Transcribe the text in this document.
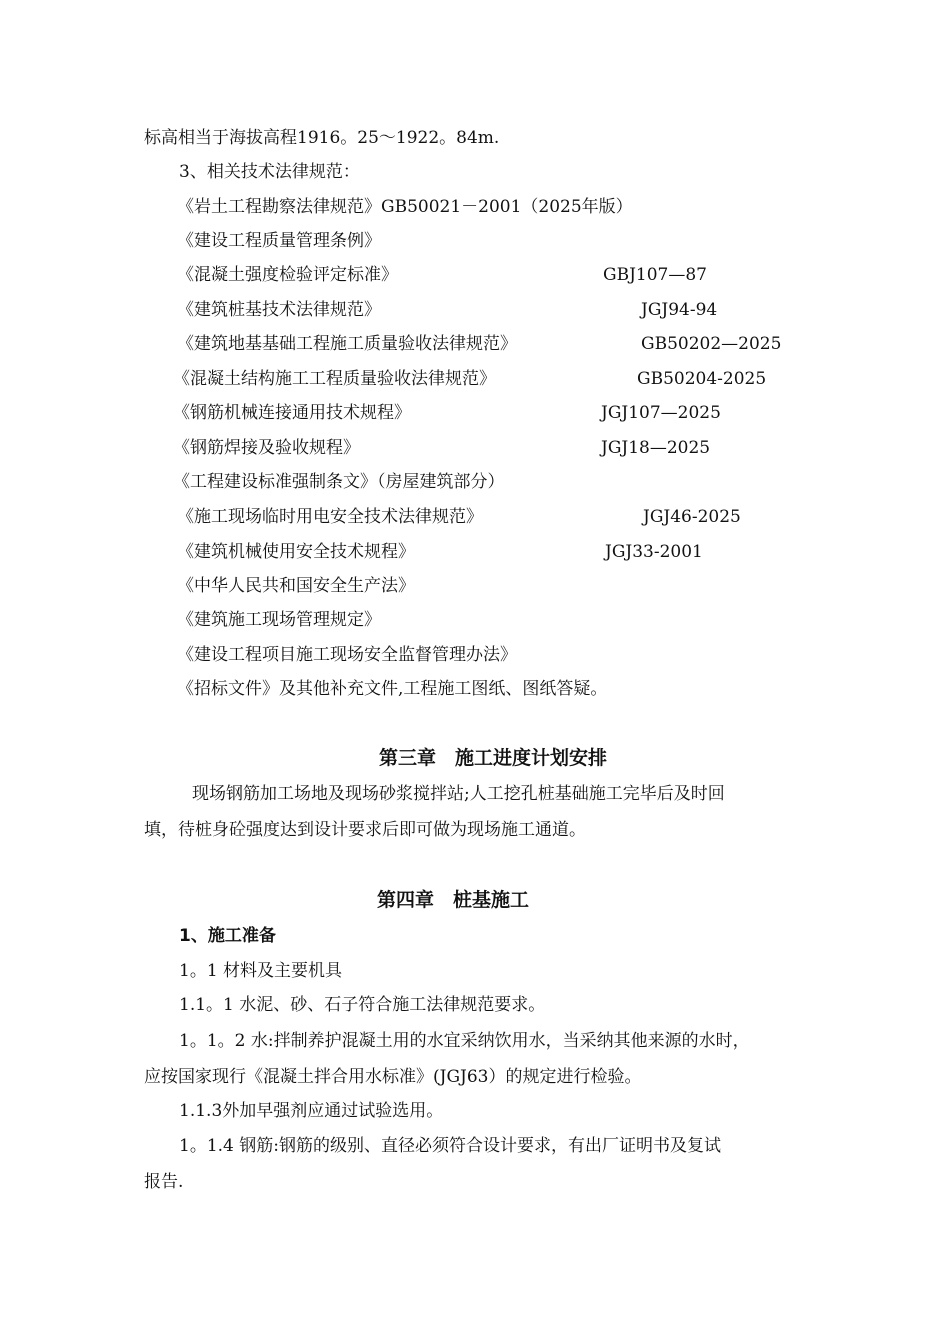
标高相当于海拔高程1916。25～1922。84m.
3、相关技术法律规范：
《岩土工程勘察法律规范》GB50021－2001（2025年版）
《建设工程质量管理条例》
《混凝土强度检验评定标准》	GBJ107—87
《建筑桩基技术法律规范》	JGJ94-94
《建筑地基基础工程施工质量验收法律规范》	GB50202—2025
《混凝土结构施工工程质量验收法律规范》	GB50204-2025
《钢筋机械连接通用技术规程》	JGJ107—2025
《钢筋焊接及验收规程》	JGJ18—2025
《工程建设标准强制条文》（房屋建筑部分）
《施工现场临时用电安全技术法律规范》	JGJ46-2025
《建筑机械使用安全技术规程》	JGJ33-2001
《中华人民共和国安全生产法》
《建筑施工现场管理规定》
《建设工程项目施工现场安全监督管理办法》
《招标文件》及其他补充文件,工程施工图纸、图纸答疑。
第三章　施工进度计划安排
现场钢筋加工场地及现场砂浆搅拌站;人工挖孔桩基础施工完毕后及时回
填，待桩身砼强度达到设计要求后即可做为现场施工通道。
第四章　桩基施工
1、施工准备
1。1 材料及主要机具
1.1。1 水泥、砂、石子符合施工法律规范要求。
1。1。2 水:拌制养护混凝土用的水宜采纳饮用水，当采纳其他来源的水时，
应按国家现行《混凝土拌合用水标准》(JGJ63）的规定进行检验。
1.1.3外加早强剂应通过试验选用。
1。1.4 钢筋:钢筋的级别、直径必须符合设计要求，有出厂证明书及复试
报告.
